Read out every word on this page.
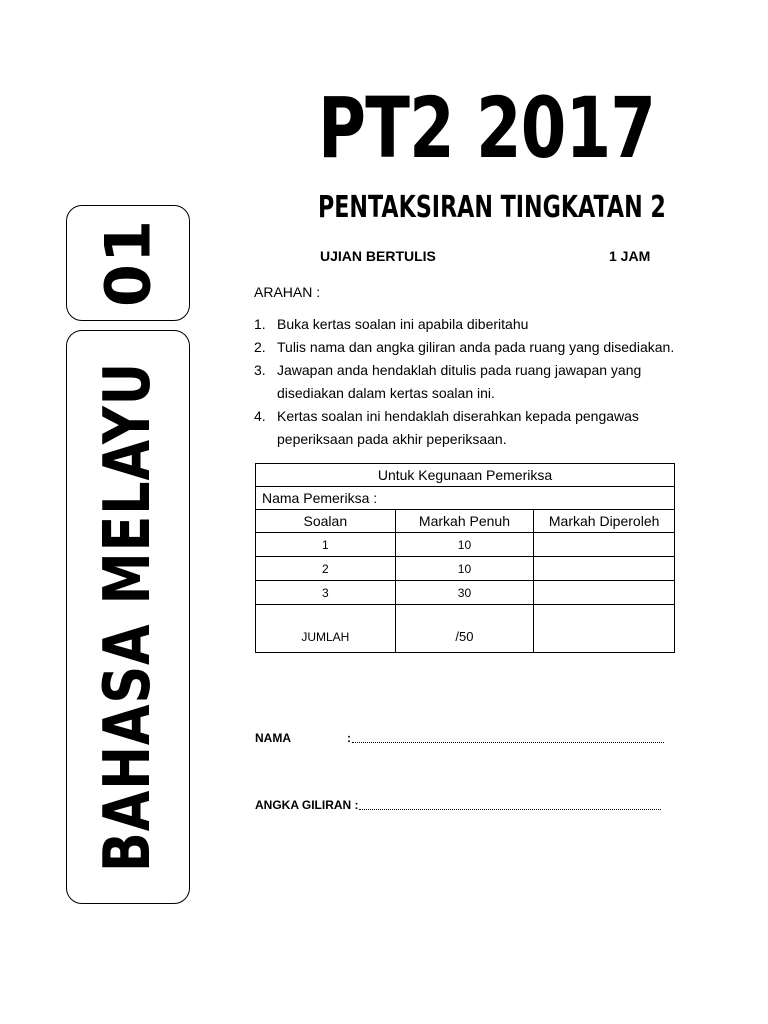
01
BAHASA MELAYU
PT2 2017
PENTAKSIRAN TINGKATAN 2
UJIAN BERTULIS	1 JAM
ARAHAN :
1. Buka kertas soalan ini apabila diberitahu
2. Tulis nama dan angka giliran anda pada ruang yang disediakan.
3. Jawapan anda hendaklah ditulis pada ruang jawapan yang disediakan dalam kertas soalan ini.
4. Kertas soalan ini hendaklah diserahkan kepada pengawas peperiksaan pada akhir peperiksaan.
Untuk Kegunaan Pemeriksa		
Nama Pemeriksa :		
Soalan	Markah Penuh	Markah Diperoleh
1	10	
2	10	
3	30	
JUMLAH	/50	
NAMA	:
ANGKA GILIRAN :
